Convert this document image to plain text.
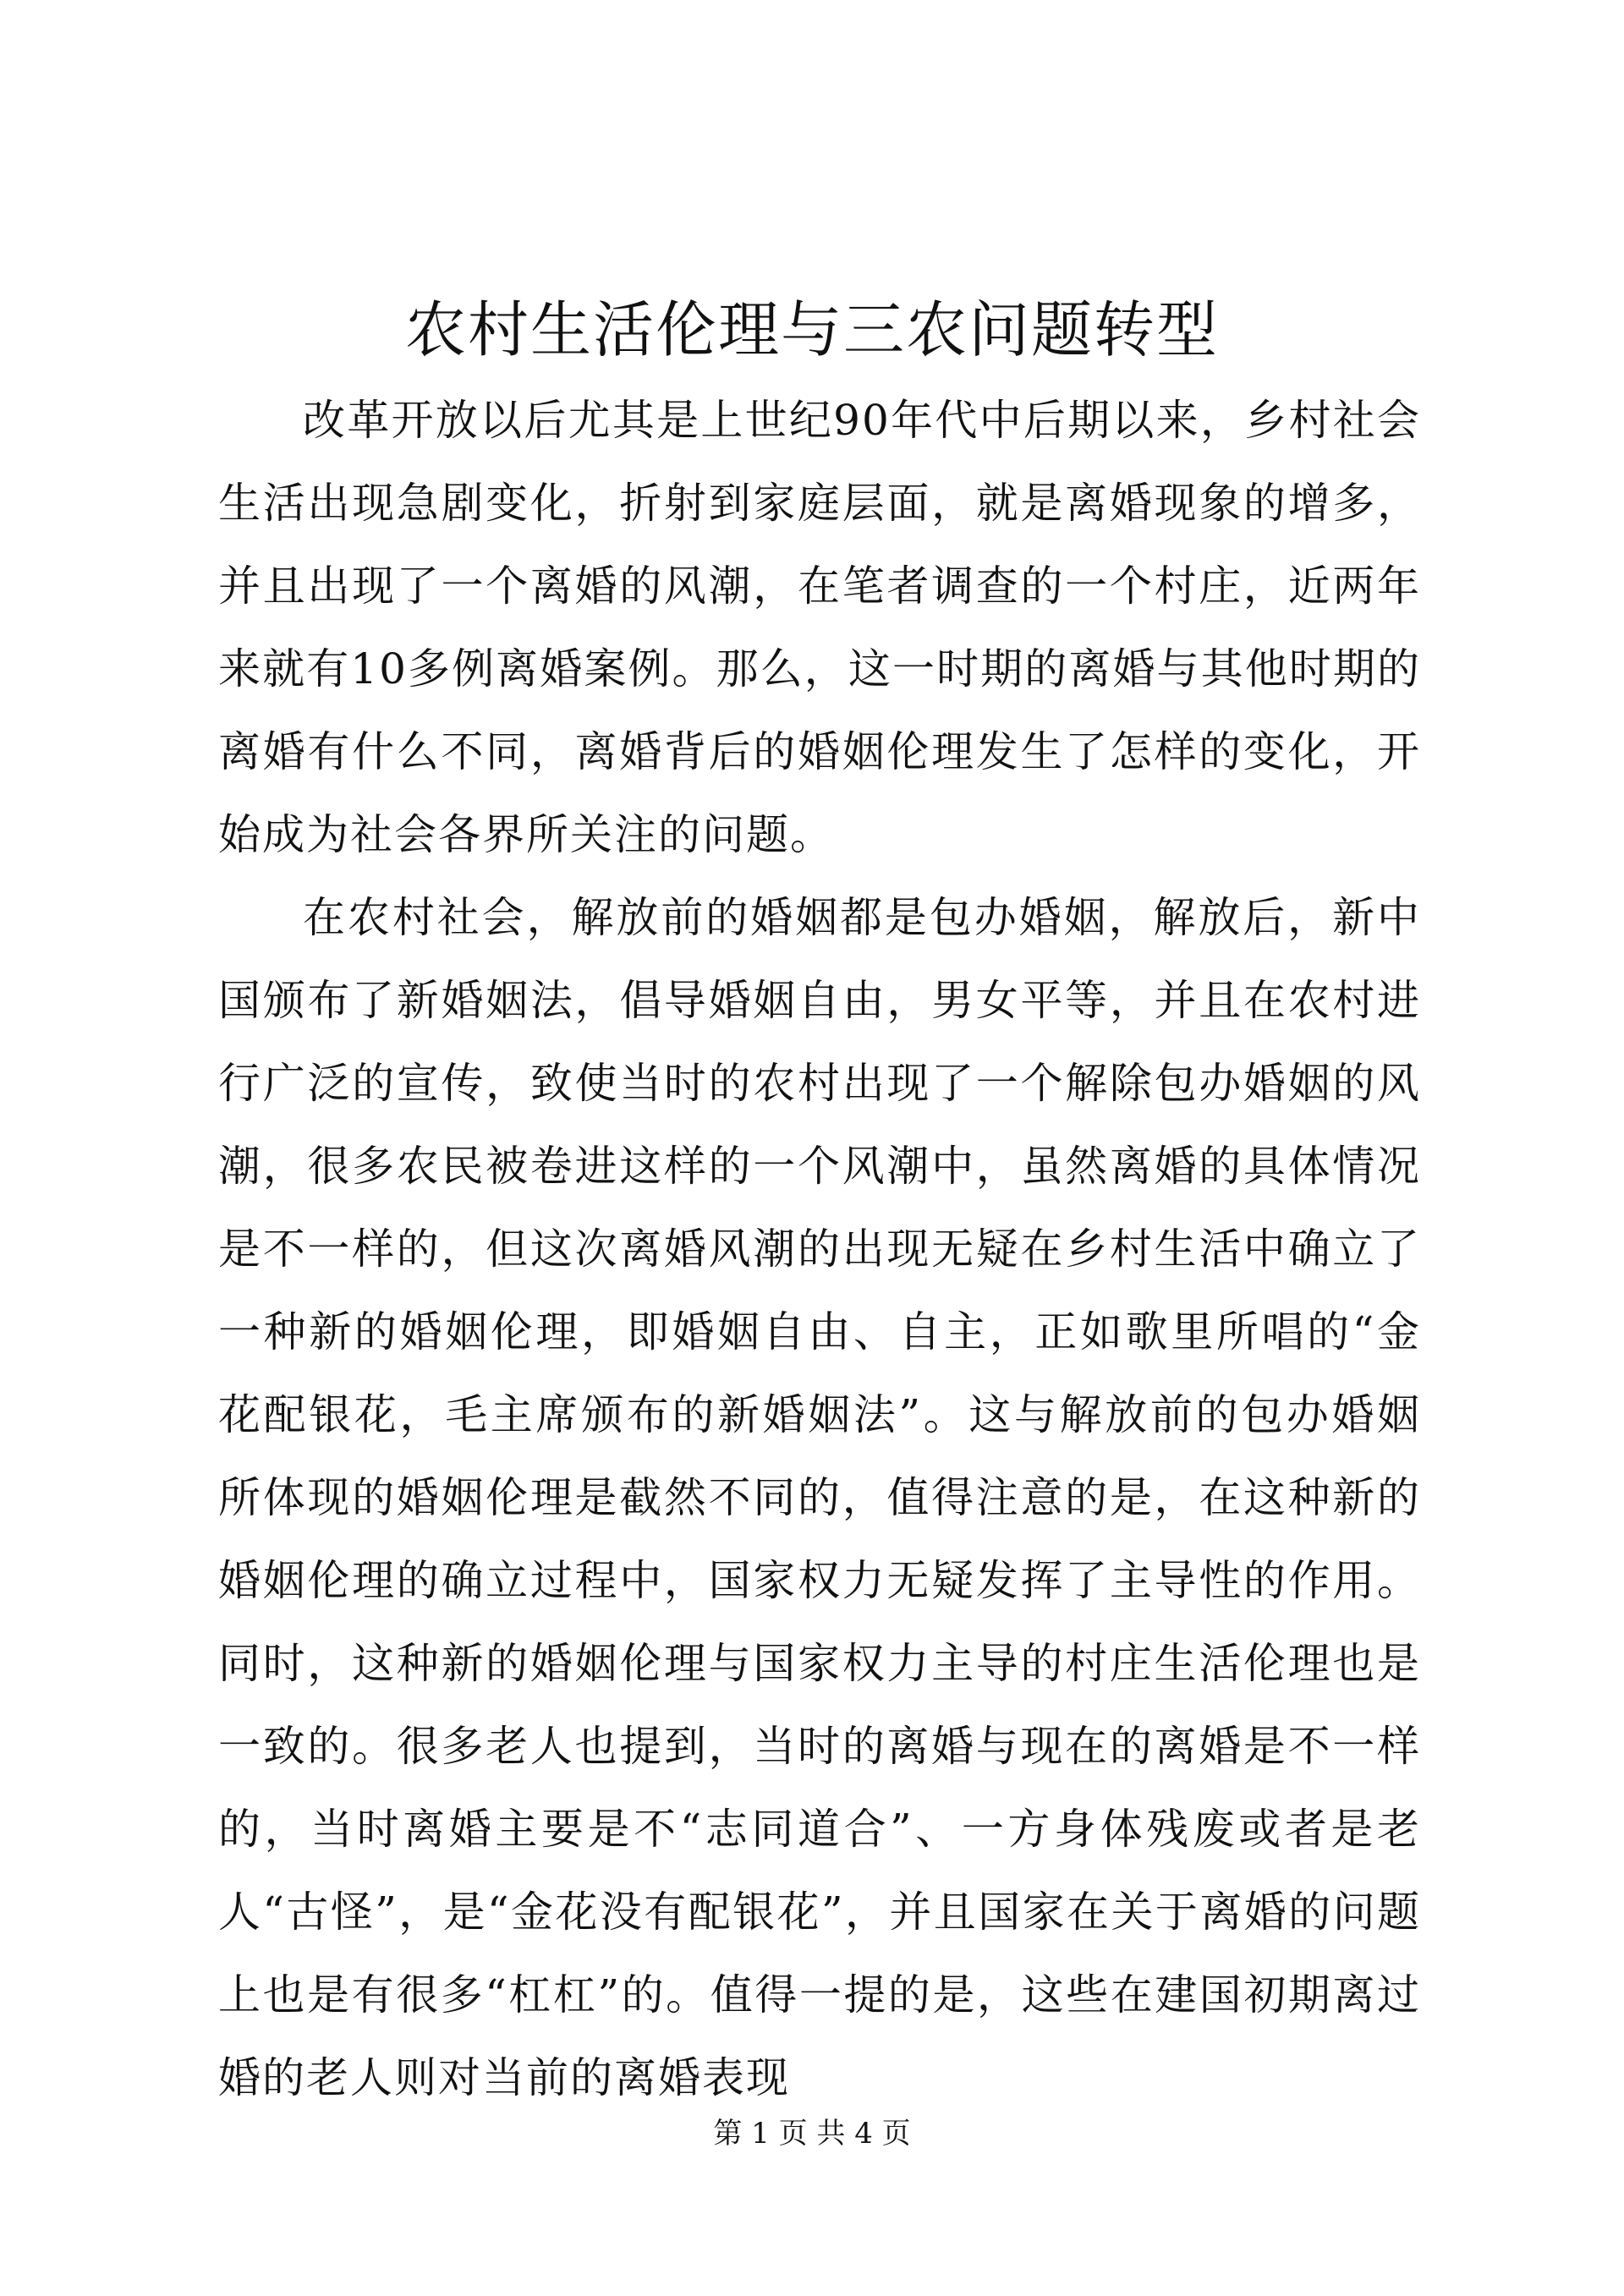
农村生活伦理与三农问题转型

改革开放以后尤其是上世纪90年代中后期以来，乡村社会生活出现急剧变化，折射到家庭层面，就是离婚现象的增多，并且出现了一个离婚的风潮，在笔者调查的一个村庄，近两年来就有10多例离婚案例。那么，这一时期的离婚与其他时期的离婚有什么不同，离婚背后的婚姻伦理发生了怎样的变化，开始成为社会各界所关注的问题。

在农村社会，解放前的婚姻都是包办婚姻，解放后，新中国颁布了新婚姻法，倡导婚姻自由，男女平等，并且在农村进行广泛的宣传，致使当时的农村出现了一个解除包办婚姻的风潮，很多农民被卷进这样的一个风潮中，虽然离婚的具体情况是不一样的，但这次离婚风潮的出现无疑在乡村生活中确立了一种新的婚姻伦理，即婚姻自由、自主，正如歌里所唱的“金花配银花，毛主席颁布的新婚姻法”。这与解放前的包办婚姻所体现的婚姻伦理是截然不同的，值得注意的是，在这种新的婚姻伦理的确立过程中，国家权力无疑发挥了主导性的作用。同时，这种新的婚姻伦理与国家权力主导的村庄生活伦理也是一致的。很多老人也提到，当时的离婚与现在的离婚是不一样的，当时离婚主要是不“志同道合”、一方身体残废或者是老人“古怪”，是“金花没有配银花”，并且国家在关于离婚的问题上也是有很多“杠杠”的。值得一提的是，这些在建国初期离过婚的老人则对当前的离婚表现

第 1 页 共 4 页
